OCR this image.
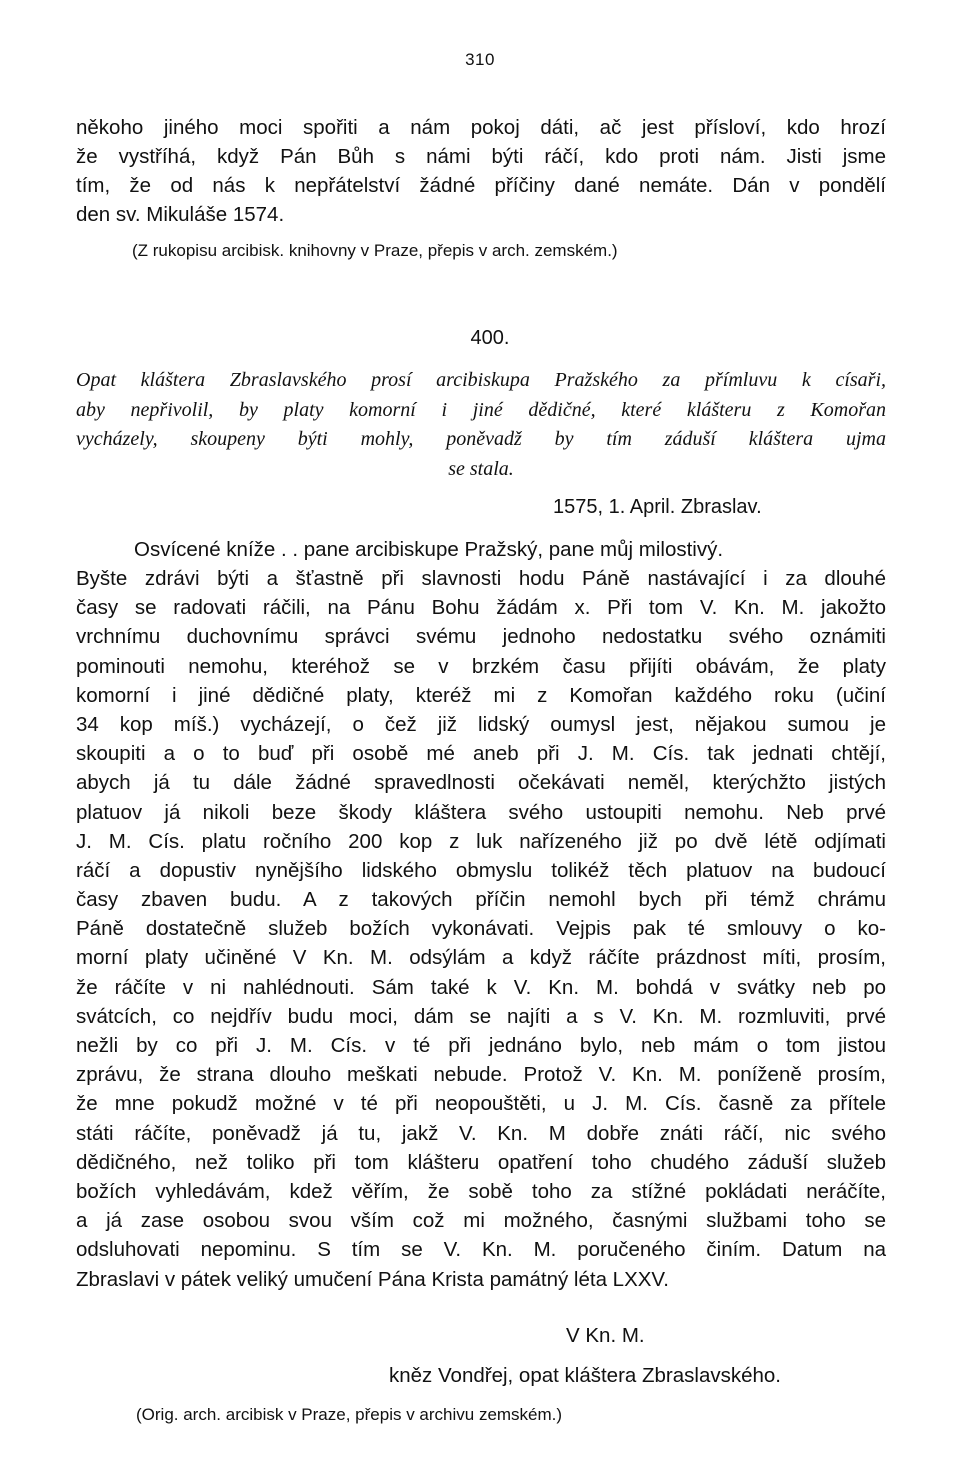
310
někoho jiného moci spořiti a nám pokoj dáti, ač jest přísloví, kdo hrozí
že vystříhá, když Pán Bůh s námi býti ráčí, kdo proti nám. Jisti jsme
tím, že od nás k nepřátelství žádné příčiny dané nemáte. Dán v pondělí
den sv. Mikuláše 1574.
(Z rukopisu arcibisk. knihovny v Praze, přepis v arch. zemském.)
400.
Opat kláštera Zbraslavského prosí arcibiskupa Pražského za přímluvu k císaři,
aby nepřivolil, by platy komorní i jiné dědičné, které klášteru z Komořan
vycházely, skoupeny býti mohly, poněvadž by tím záduší kláštera ujma
se stala.
1575, 1. April. Zbraslav.
Osvícené kníže . . pane arcibiskupe Pražský, pane můj milostivý.
Byšte zdrávi býti a šťastně při slavnosti hodu Páně nastávající i za dlouhé
časy se radovati ráčili, na Pánu Bohu žádám x. Při tom V. Kn. M. jakožto
vrchnímu duchovnímu správci svému jednoho nedostatku svého oznámiti
pominouti nemohu, kteréhož se v brzkém času přijíti obávám, že platy
komorní i jiné dědičné platy, kteréž mi z Komořan každého roku (učiní
34 kop míš.) vycházejí, o čež již lidský oumysl jest, nějakou sumou je
skoupiti a o to buď při osobě mé aneb při J. M. Cís. tak jednati chtějí,
abych já tu dále žádné spravedlnosti očekávati neměl, kterýchžto jistých
platuov já nikoli beze škody kláštera svého ustoupiti nemohu. Neb prvé
J. M. Cís. platu ročního 200 kop z luk nařízeného již po dvě létě odjímati
ráčí a dopustiv nynějšího lidského obmyslu tolikéž těch platuov na budoucí
časy zbaven budu. A z takových příčin nemohl bych při témž chrámu
Páně dostatečně služeb božích vykonávati. Vejpis pak té smlouvy o ko-
morní platy učiněné V Kn. M. odsýlám a když ráčíte prázdnost míti, prosím,
že ráčíte v ni nahlédnouti. Sám také k V. Kn. M. bohdá v svátky neb po
svátcích, co nejdřív budu moci, dám se najíti a s V. Kn. M. rozmluviti, prvé
nežli by co při J. M. Cís. v té při jednáno bylo, neb mám o tom jistou
zprávu, že strana dlouho meškati nebude. Protož V. Kn. M. poníženě prosím,
že mne pokudž možné v té při neopouštěti, u J. M. Cís. časně za přítele
státi ráčíte, poněvadž já tu, jakž V. Kn. M dobře znáti ráčí, nic svého
dědičného, než toliko při tom klášteru opatření toho chudého záduší služeb
božích vyhledávám, kdež věřím, že sobě toho za stížné pokládati neráčíte,
a já zase osobou svou vším což mi možného, časnými službami toho se
odsluhovati nepominu. S tím se V. Kn. M. poručeného činím. Datum na
Zbraslavi v pátek veliký umučení Pána Krista památný léta LXXV.
V Kn. M.
kněz Vondřej, opat kláštera Zbraslavského.
(Orig. arch. arcibisk v Praze, přepis v archivu zemském.)
